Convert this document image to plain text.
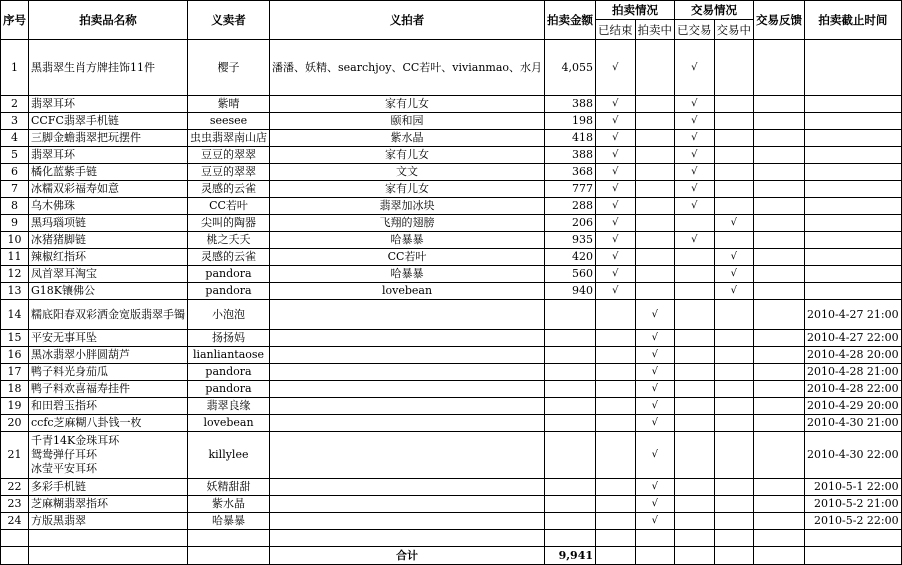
序号	拍卖品名称	义卖者	义拍者	拍卖金额	拍卖情况		交易情况		交易反馈	拍卖截止时间
					已结束	拍卖中	已交易	交易中		
1	黑翡翠生肖方牌挂饰11件	樱子	潘潘、妖精、searchjoy、CC若叶、vivianmao、水月	4,055	√		√			
2	翡翠耳环	紫晴	家有儿女	388	√		√			
3	CCFC翡翠手机链	seesee	颐和园	198	√		√			
4	三脚金蟾翡翠把玩摆件	虫虫翡翠南山店	紫水晶	418	√		√			
5	翡翠耳环	豆豆的翠翠	家有儿女	388	√		√			
6	橘化蓝紫手链	豆豆的翠翠	文文	368	√		√			
7	冰糯双彩福寿如意	灵感的云雀	家有儿女	777	√		√			
8	乌木佛珠	CC若叶	翡翠加冰块	288	√		√			
9	黑玛瑙项链	尖叫的陶器	飞翔的翅膀	206	√			√		
10	冰猪猪脚链	桃之夭夭	哈暴暴	935	√		√			
11	辣椒红指环	灵感的云雀	CC若叶	420	√			√		
12	凤首翠耳淘宝	pandora	哈暴暴	560	√			√		
13	G18K镶佛公	pandora	lovebean	940	√			√		
14	糯底阳春双彩洒金宽版翡翠手镯	小泡泡				√				2010-4-27 21:00
15	平安无事耳坠	扬扬妈				√				2010-4-27 22:00
16	黑冰翡翠小胖圆葫芦	lianliantaose				√				2010-4-28 20:00
17	鸭子料光身茄瓜	pandora				√				2010-4-28 21:00
18	鸭子料欢喜福寿挂件	pandora				√				2010-4-28 22:00
19	和田碧玉指环	翡翠良缘				√				2010-4-29 20:00
20	ccfc芝麻糊八卦钱一枚	lovebean				√				2010-4-30 21:00
21	千青14K金珠耳环
鸳鸯弹仔耳环
冰莹平安耳环	killylee				√				2010-4-30 22:00
22	多彩手机链	妖精甜甜				√				2010-5-1 22:00
23	芝麻糊翡翠指环	紫水晶				√				2010-5-2 21:00
24	方版黑翡翠	哈暴暴				√				2010-5-2 22:00

			合计	9,941						
